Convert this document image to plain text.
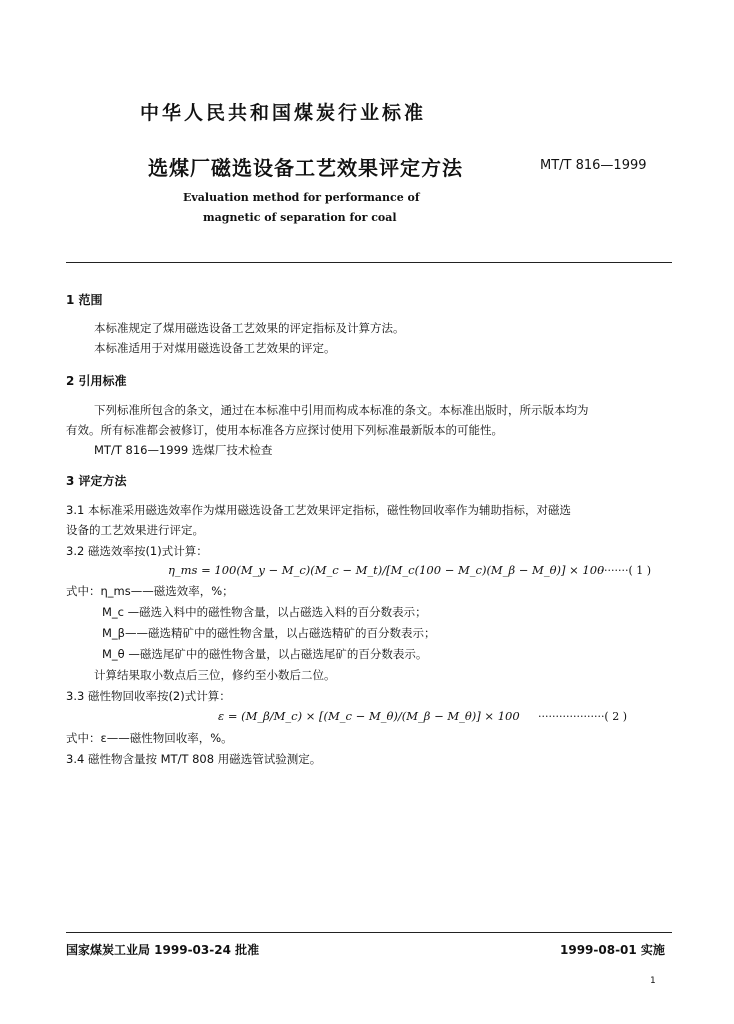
中华人民共和国煤炭行业标准
选煤厂磁选设备工艺效果评定方法	MT/T 816—1999
Evaluation method for performance of
magnetic of separation for coal
1 范围
本标准规定了煤用磁选设备工艺效果的评定指标及计算方法。
本标准适用于对煤用磁选设备工艺效果的评定。
2 引用标准
下列标准所包含的条文，通过在本标准中引用而构成本标准的条文。本标准出版时，所示版本均为
有效。所有标准都会被修订，使用本标准各方应探讨使用下列标准最新版本的可能性。
MT/T 816—1999 选煤厂技术检查
3 评定方法
3.1 本标准采用磁选效率作为煤用磁选设备工艺效果评定指标，磁性物回收率作为辅助指标，对磁选
设备的工艺效果进行评定。
3.2 磁选效率按(1)式计算：
η_ms = 100(M_y − M_c)(M_c − M_t)/[M_c(100 − M_c)(M_β − M_θ)] × 100
·········( 1 )
式中：η_ms——磁选效率，%；
M_c —磁选入料中的磁性物含量，以占磁选入料的百分数表示；
M_β——磁选精矿中的磁性物含量，以占磁选精矿的百分数表示；
M_θ —磁选尾矿中的磁性物含量，以占磁选尾矿的百分数表示。
计算结果取小数点后三位，修约至小数后二位。
3.3 磁性物回收率按(2)式计算：
ε = (M_β/M_c) × [(M_c − M_θ)/(M_β − M_θ)] × 100 ···················( 2 )
式中：ε——磁性物回收率，%。
3.4 磁性物含量按 MT/T 808 用磁选管试验测定。
国家煤炭工业局 1999-03-24 批准	1999-08-01 实施
1
